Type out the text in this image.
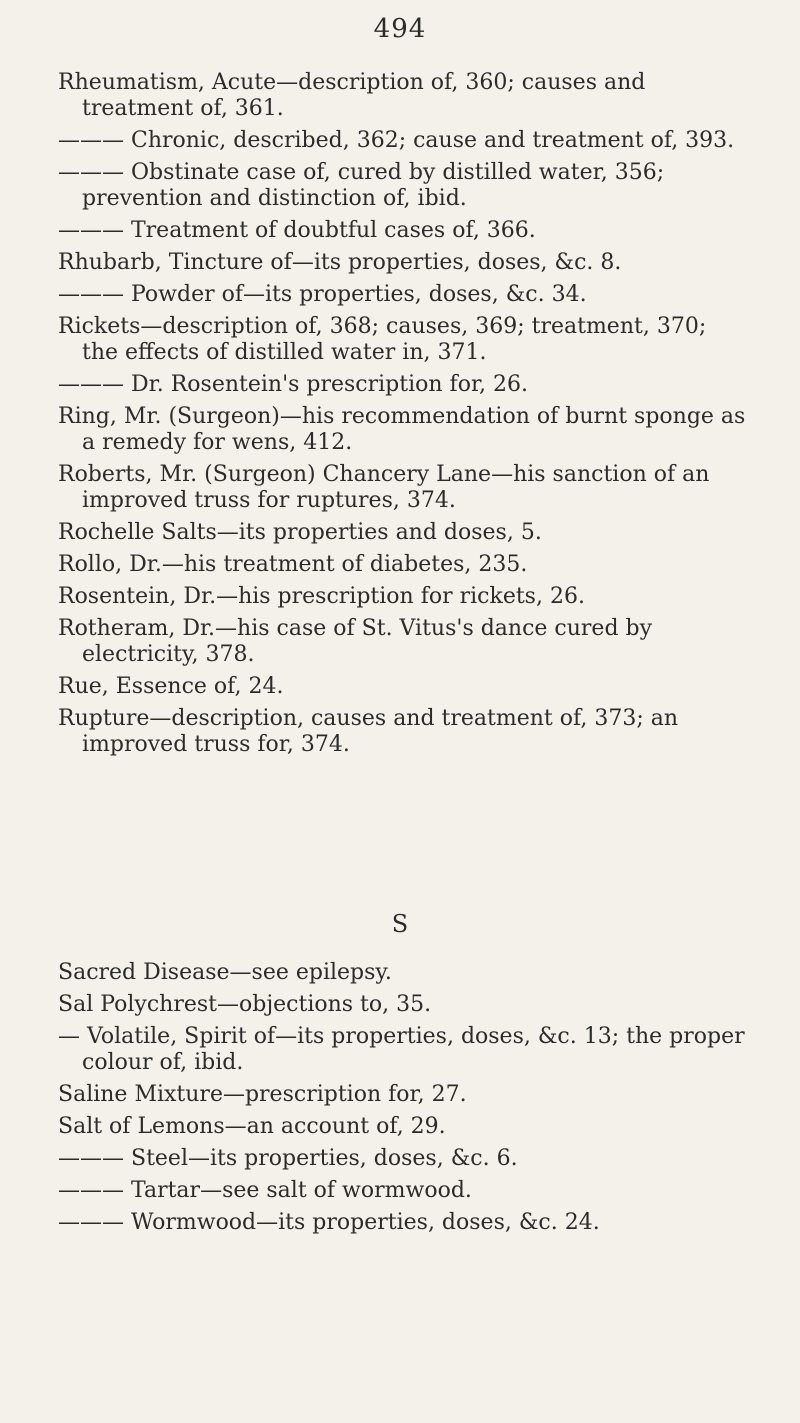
494

Rheumatism, Acute—description of, 360; causes and treatment of, 361.

——— Chronic, described, 362; cause and treatment of, 393.

——— Obstinate case of, cured by distilled water, 356; prevention and distinction of, ibid.

——— Treatment of doubtful cases of, 366.

Rhubarb, Tincture of—its properties, doses, &c. 8.

——— Powder of—its properties, doses, &c. 34.

Rickets—description of, 368; causes, 369; treatment, 370; the effects of distilled water in, 371.

——— Dr. Rosentein's prescription for, 26.

Ring, Mr. (Surgeon)—his recommendation of burnt sponge as a remedy for wens, 412.

Roberts, Mr. (Surgeon) Chancery Lane—his sanction of an improved truss for ruptures, 374.

Rochelle Salts—its properties and doses, 5.

Rollo, Dr.—his treatment of diabetes, 235.

Rosentein, Dr.—his prescription for rickets, 26.

Rotheram, Dr.—his case of St. Vitus's dance cured by electricity, 378.

Rue, Essence of, 24.

Rupture—description, causes and treatment of, 373; an improved truss for, 374.

S

Sacred Disease—see epilepsy.

Sal Polychrest—objections to, 35.

— Volatile, Spirit of—its properties, doses, &c. 13; the proper colour of, ibid.

Saline Mixture—prescription for, 27.

Salt of Lemons—an account of, 29.

——— Steel—its properties, doses, &c. 6.

——— Tartar—see salt of wormwood.

——— Wormwood—its properties, doses, &c. 24.
